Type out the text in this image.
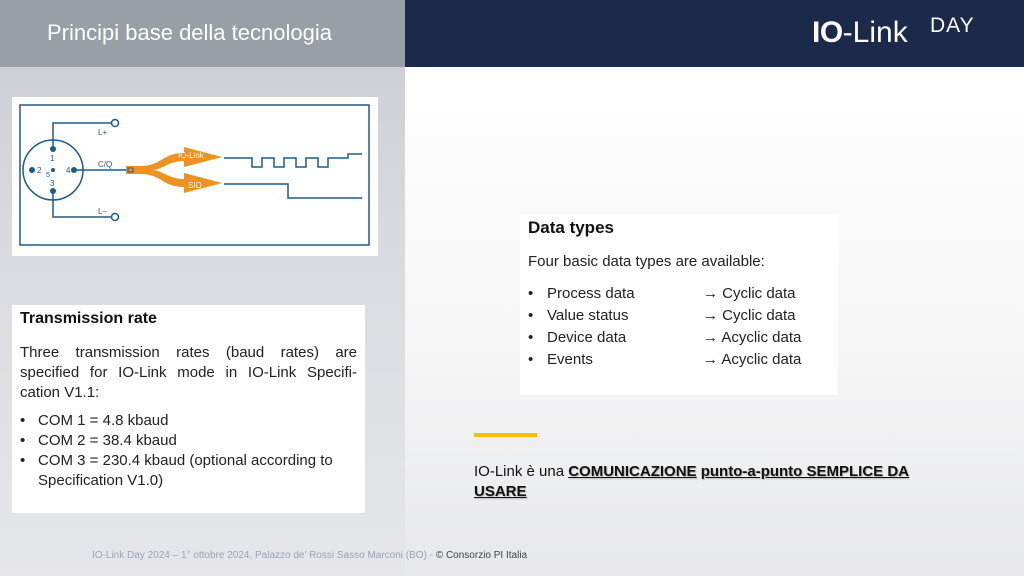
Principi base della tecnologia	IO-Link DAY
1
2
3
4
5
L+
L–
C/Q
IO-Link
SIO
Transmission rate
Three transmission rates (baud rates) are specified for IO-Link mode in IO-Link Specifi-cation V1.1:
• COM 1 = 4.8 kbaud
• COM 2 = 38.4 kbaud
• COM 3 = 230.4 kbaud (optional according to Specification V1.0)
Data types
Four basic data types are available:
• Process data	→ Cyclic data
• Value status	→ Cyclic data
• Device data	→ Acyclic data
• Events	→ Acyclic data
IO-Link è una COMUNICAZIONE punto-a-punto SEMPLICE DA USARE
IO-Link Day 2024 – 1° ottobre 2024, Palazzo de’ Rossi Sasso Marconi (BO) - © Consorzio PI Italia
